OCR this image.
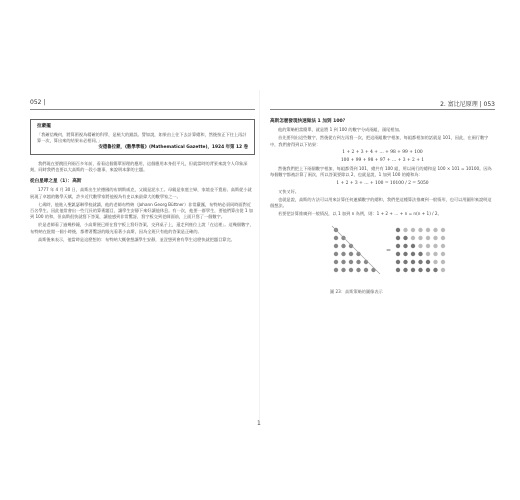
052 |
拉蒙擺
「我確信幾何，將算術視為精確的科學，是極大的錯誤。譬如說，如果由上往下去計算總和，然後按正下往上再計算一次，算出來的結果未必相同。」
安德魯拉蒙，《數學學報》(Mathematical Gazette)，1924 年第 12 卷

我們現在要跳回到兩百多年前，看看這個簡單原理的應用，這個應用本身很平凡，但就當時的背景來說令人印象深刻，同時我們也要以大高斯的一段小趣事，來說明本節的主題。

從白星哮之星（1）：高斯

1777 年 4 月 30 日，高斯出生於德國的布朗斯威克，父親是泥水工。母親是家庭主婦，家境並不寬裕。高斯從小就展現了卓越的數學天賦，許多近代數學家將他視為有史以來最偉大的數學家之一。

七歲時，他進入聖凱瑟琳學校就讀，他的老師布特納（Johann Georg Büttner）非常嚴厲，布特納必須同時面對近百名學生。因此他常會出一些冗長的算術題目，讓學生安靜下來好讓他休息。有一次，他要一群學生，要他們算出從 1 加到 100 的和，但高斯很快就寫下答案，讓他感到非常驚訝，寫字板交到老師面前，上面只寫了一個數字。

於是老師看了過幾秒鐘，小高斯便已經在寫字板上寫好答案，交到桌子上，還走到座位上說「在這裡」。這幾個數字，布特納在批閱一個小時後，都帶著驚訝的眼光看著小高斯，因為全班只有他的答案是正確的。

高斯後來表示，他當時是這麼想的：布特納大概會想讓學生安靜，並沒想到會有學生這麼快就把題目算完。

2. 富比尼原理 | 053
高斯怎麼發現快速做法 1 加到 100？

他的策略相當簡單，就是將 1 到 100 的數字分成兩組，頭尾相加。

首先要列出這些數字，然後從右到左再寫一次，把這兩組數字相加，每組都相加的話就是 101，因此，在兩行數字中，我們會得到以下結果：

1 + 2 + 3 + 4 + … + 98 + 99 + 100
100 + 99 + 98 + 97 + … + 3 + 2 + 1

然後我們把上下兩個數字相加，每組都得到 101，總共有 100 組，所以兩行的總和是 100 × 101 = 10100。因為每個數字都被計算了兩次，所以答案要除以 2，也就是說，1 加到 100 的總和為：

1 + 2 + 3 + … + 100 = 10100 / 2 = 5050

又快又好。

也就是說，高斯的方法可以用來計算任何連續數字的總和，我們把這種算法推廣到一般情形，也可以用圖形來說明這個想法。

若要把計算推廣到一般情況，以 1 加到 n 為例，則：1 + 2 + … + n = n(n + 1) / 2。

=
圖 23：高斯策略的圖像表示
1
